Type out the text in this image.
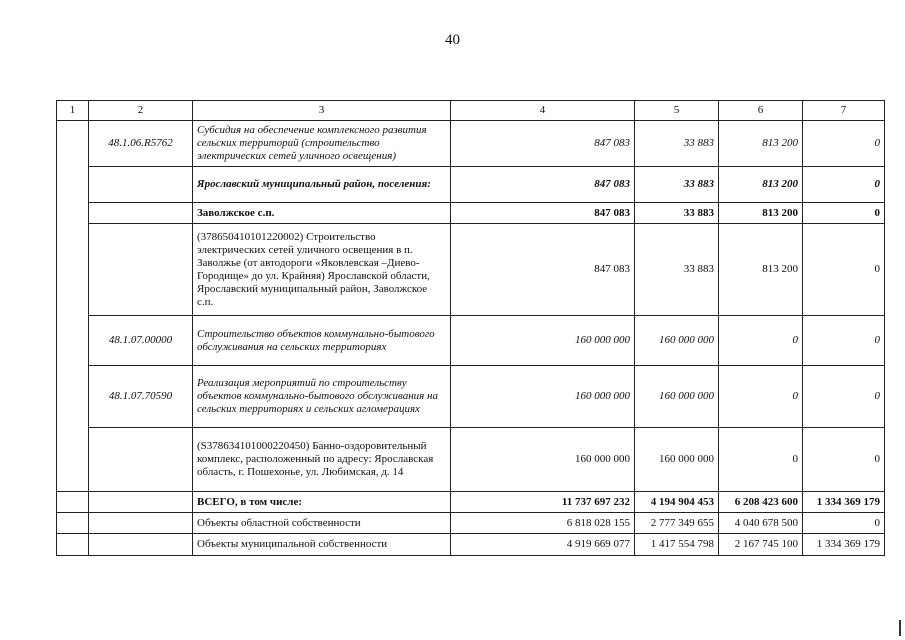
40
1	2	3	4	5	6	7
	48.1.06.R5762	Субсидия на обеспечение комплексного развития сельских территорий (строительство электрических сетей уличного освещения)	847 083	33 883	813 200	0
		Ярославский муниципальный район, поселения:	847 083	33 883	813 200	0
		Заволжское с.п.	847 083	33 883	813 200	0
		(378650410101220002) Строительство электрических сетей уличного освещения в п. Заволжье (от автодороги «Яковлевская –Диево-Городище» до ул. Крайняя) Ярославской области, Ярославский муниципальный район, Заволжское с.п.	847 083	33 883	813 200	0
	48.1.07.00000	Строительство объектов коммунально-бытового обслуживания на сельских территориях	160 000 000	160 000 000	0	0
	48.1.07.70590	Реализация мероприятий по строительству объектов коммунально-бытового обслуживания на сельских территориях и сельских агломерациях	160 000 000	160 000 000	0	0
		(S378634101000220450) Банно-оздоровительный комплекс, расположенный по адресу: Ярославская область, г. Пошехонье, ул. Любимская, д. 14	160 000 000	160 000 000	0	0
		ВСЕГО, в том числе:	11 737 697 232	4 194 904 453	6 208 423 600	1 334 369 179
		Объекты областной собственности	6 818 028 155	2 777 349 655	4 040 678 500	0
		Объекты муниципальной собственности	4 919 669 077	1 417 554 798	2 167 745 100	1 334 369 179
